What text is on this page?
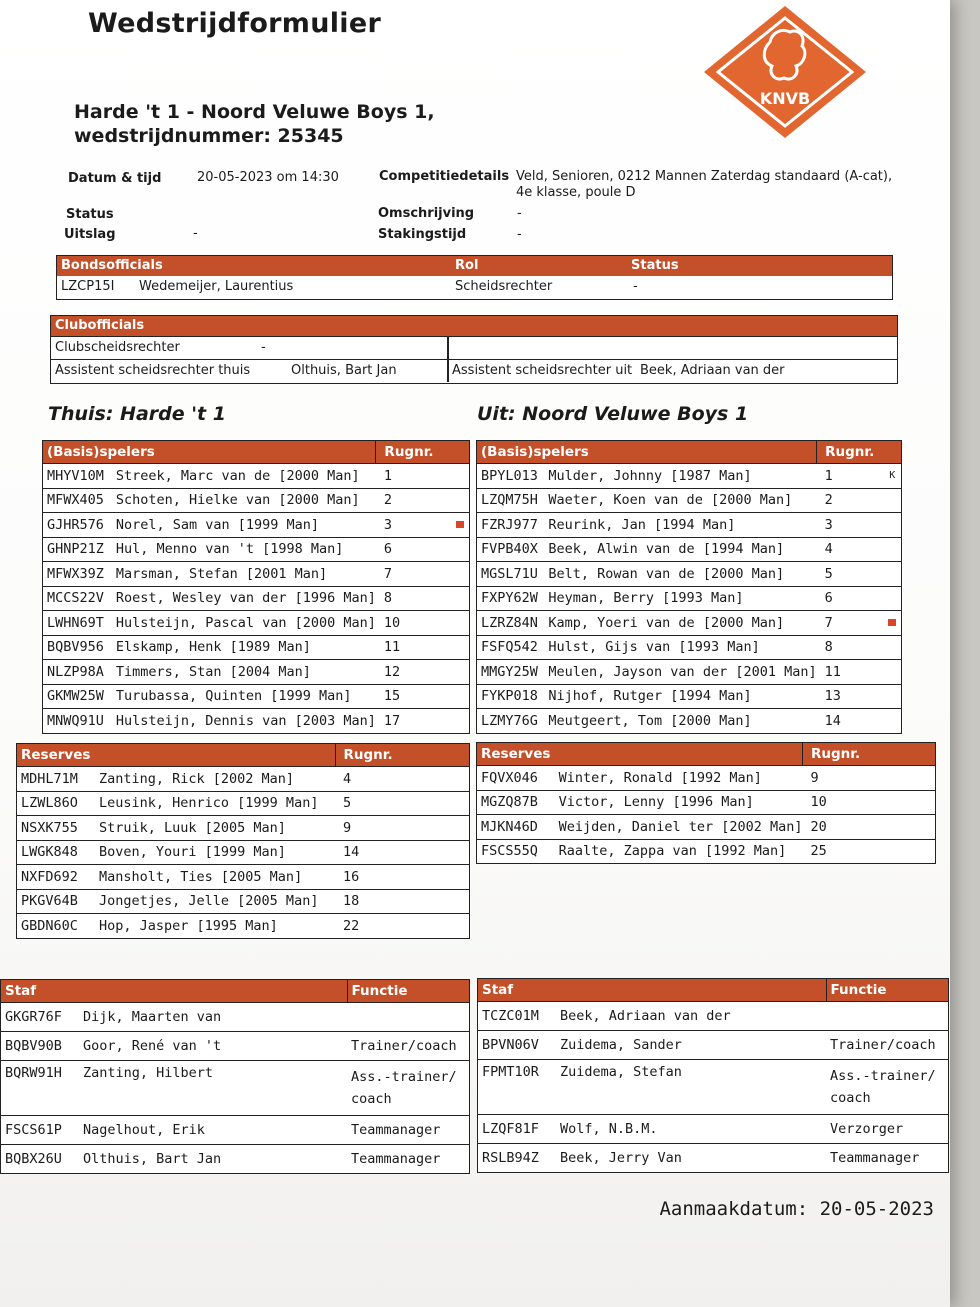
Wedstrijdformulier
KNVB
Harde 't 1 - Noord Veluwe Boys 1,
wedstrijdnummer: 25345
Datum & tijd	20-05-2023 om 14:30
Status
Uitslag	-
Competitiedetails Veld, Senioren, 0212 Mannen Zaterdag standaard (A-cat),
4e klasse, poule D
Omschrijving	-
Stakingstijd	-
Bondsofficials	Rol	Status
LZCP15I Wedemeijer, Laurentius	Scheidsrechter	-
Clubofficials
Clubscheidsrechter	-
Assistent scheidsrechter thuis	Olthuis, Bart Jan	Assistent scheidsrechter uit Beek, Adriaan van der
Thuis: Harde 't 1	Uit: Noord Veluwe Boys 1
(Basis)spelers		Rugnr.	
MHYV10M	Streek, Marc van de [2000 Man]	1	
MFWX405	Schoten, Hielke van [2000 Man]	2	
GJHR576	Norel, Sam van [1999 Man]	3	
GHNP21Z	Hul, Menno van 't [1998 Man]	6	
MFWX39Z	Marsman, Stefan [2001 Man]	7	
MCCS22V	Roest, Wesley van der [1996 Man]	8	
LWHN69T	Hulsteijn, Pascal van [2000 Man]	10	
BQBV956	Elskamp, Henk [1989 Man]	11	
NLZP98A	Timmers, Stan [2004 Man]	12	
GKMW25W	Turubassa, Quinten [1999 Man]	15	
MNWQ91U	Hulsteijn, Dennis van [2003 Man]	17	
(Basis)spelers		Rugnr.	
BPYL013	Mulder, Johnny [1987 Man]	1	K
LZQM75H	Waeter, Koen van de [2000 Man]	2	
FZRJ977	Reurink, Jan [1994 Man]	3	
FVPB40X	Beek, Alwin van de [1994 Man]	4	
MGSL71U	Belt, Rowan van de [2000 Man]	5	
FXPY62W	Heyman, Berry [1993 Man]	6	
LZRZ84N	Kamp, Yoeri van de [2000 Man]	7	
FSFQ542	Hulst, Gijs van [1993 Man]	8	
MMGY25W	Meulen, Jayson van der [2001 Man]	11	
FYKP018	Nijhof, Rutger [1994 Man]	13	
LZMY76G	Meutgeert, Tom [2000 Man]	14	
Reserves		Rugnr.	
MDHL71M	Zanting, Rick [2002 Man]	4	
LZWL86O	Leusink, Henrico [1999 Man]	5	
NSXK755	Struik, Luuk [2005 Man]	9	
LWGK848	Boven, Youri [1999 Man]	14	
NXFD692	Mansholt, Ties [2005 Man]	16	
PKGV64B	Jongetjes, Jelle [2005 Man]	18	
GBDN60C	Hop, Jasper [1995 Man]	22	
Reserves		Rugnr.	
FQVX046	Winter, Ronald [1992 Man]	9	
MGZQ87B	Victor, Lenny [1996 Man]	10	
MJKN46D	Weijden, Daniel ter [2002 Man]	20	
FSCS55Q	Raalte, Zappa van [1992 Man]	25	
Staf		Functie
GKGR76F	Dijk, Maarten van	
BQBV90B	Goor, René van 't	Trainer/coach
BQRW91H	Zanting, Hilbert	Ass.-trainer/ coach
FSCS61P	Nagelhout, Erik	Teammanager
BQBX26U	Olthuis, Bart Jan	Teammanager
Staf		Functie
TCZC01M	Beek, Adriaan van der	
BPVN06V	Zuidema, Sander	Trainer/coach
FPMT10R	Zuidema, Stefan	Ass.-trainer/ coach
LZQF81F	Wolf, N.B.M.	Verzorger
RSLB94Z	Beek, Jerry Van	Teammanager
Aanmaakdatum: 20-05-2023
